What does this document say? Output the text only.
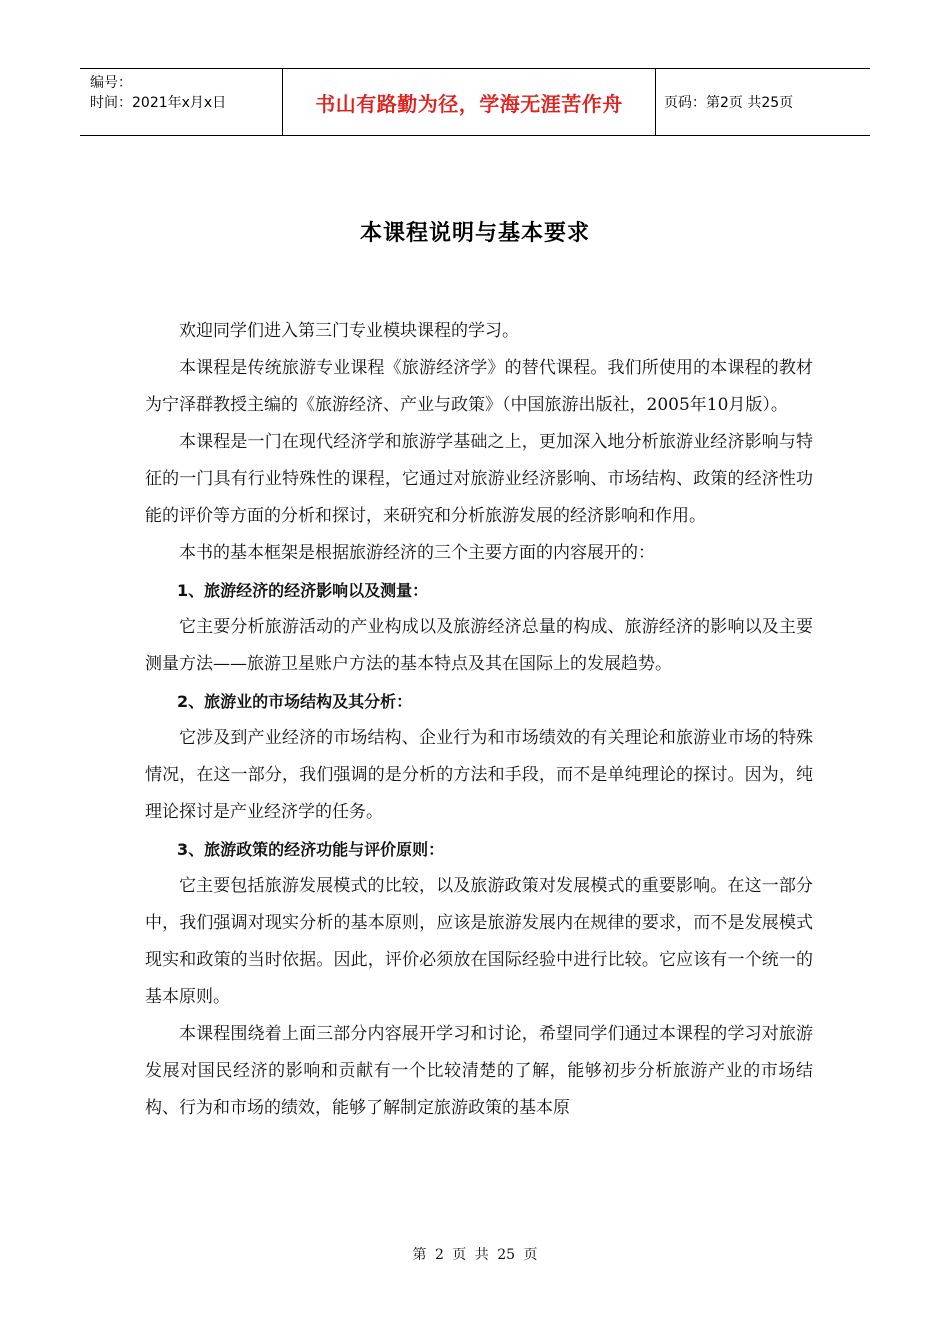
编号：
时间：2021年x月x日	书山有路勤为径，学海无涯苦作舟	页码：第2页 共25页
本课程说明与基本要求

欢迎同学们进入第三门专业模块课程的学习。

本课程是传统旅游专业课程《旅游经济学》的替代课程。我们所使用的本课程的教材为宁泽群教授主编的《旅游经济、产业与政策》（中国旅游出版社，2005年10月版）。

本课程是一门在现代经济学和旅游学基础之上，更加深入地分析旅游业经济影响与特征的一门具有行业特殊性的课程，它通过对旅游业经济影响、市场结构、政策的经济性功能的评价等方面的分析和探讨，来研究和分析旅游发展的经济影响和作用。

本书的基本框架是根据旅游经济的三个主要方面的内容展开的：

1、旅游经济的经济影响以及测量：

它主要分析旅游活动的产业构成以及旅游经济总量的构成、旅游经济的影响以及主要测量方法——旅游卫星账户方法的基本特点及其在国际上的发展趋势。

2、旅游业的市场结构及其分析：

它涉及到产业经济的市场结构、企业行为和市场绩效的有关理论和旅游业市场的特殊情况，在这一部分，我们强调的是分析的方法和手段，而不是单纯理论的探讨。因为，纯理论探讨是产业经济学的任务。

3、旅游政策的经济功能与评价原则：

它主要包括旅游发展模式的比较，以及旅游政策对发展模式的重要影响。在这一部分中，我们强调对现实分析的基本原则，应该是旅游发展内在规律的要求，而不是发展模式现实和政策的当时依据。因此，评价必须放在国际经验中进行比较。它应该有一个统一的基本原则。

本课程围绕着上面三部分内容展开学习和讨论，希望同学们通过本课程的学习对旅游发展对国民经济的影响和贡献有一个比较清楚的了解，能够初步分析旅游产业的市场结构、行为和市场的绩效，能够了解制定旅游政策的基本原

第 2 页 共 25 页
